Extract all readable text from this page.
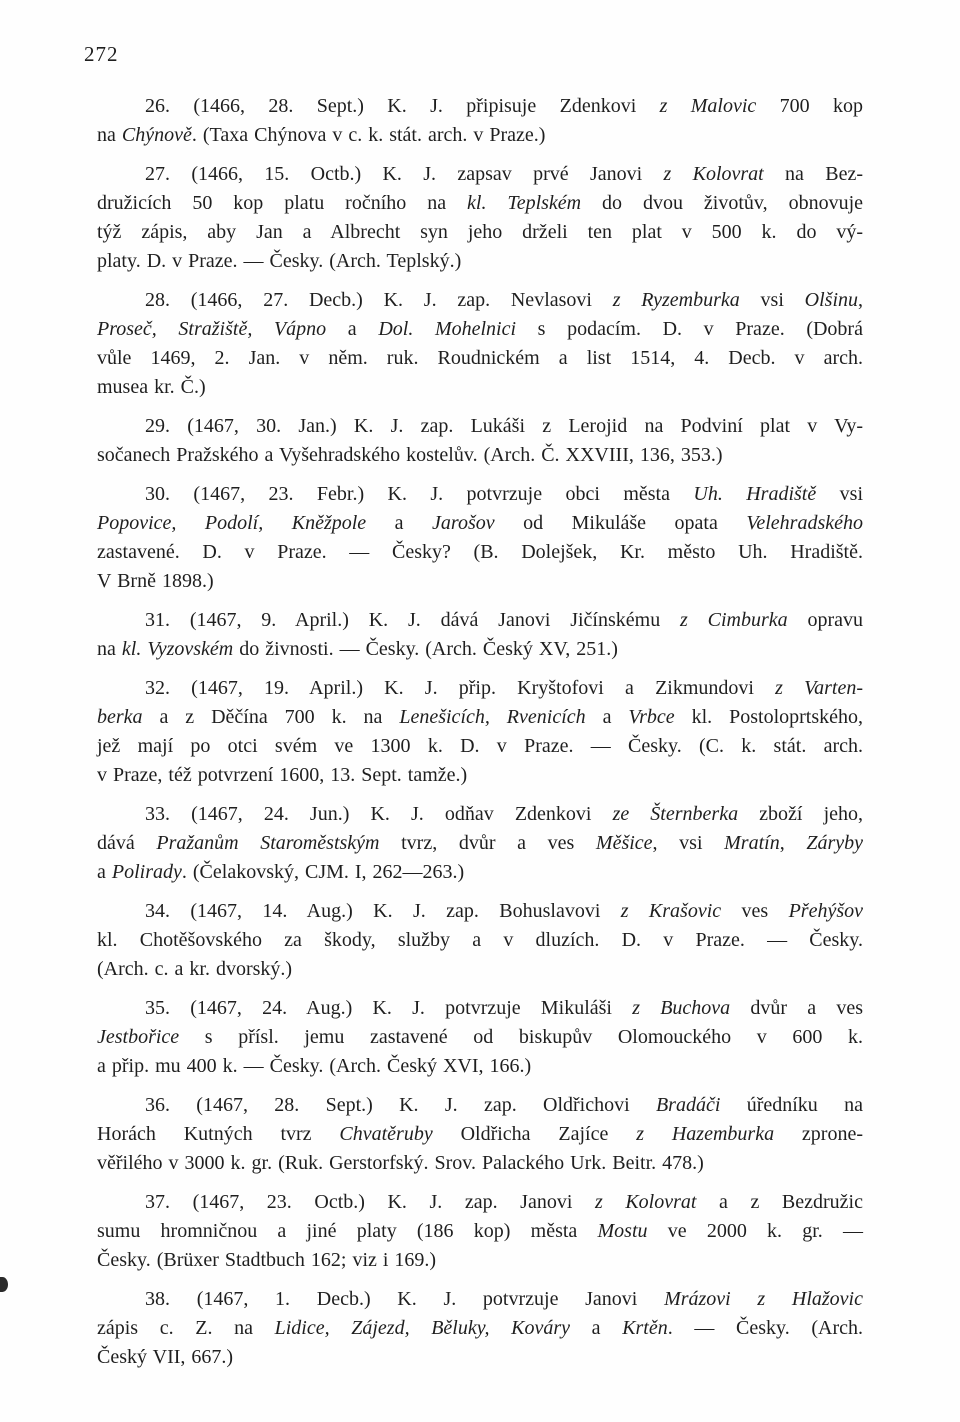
272

26. (1466, 28. Sept.) K. J. připisuje Zdenkovi z Malovic 700 kop
na Chýnově. (Taxa Chýnova v c. k. stát. arch. v Praze.)

27. (1466, 15. Octb.) K. J. zapsav prvé Janovi z Kolovrat na Bez-
družicích 50 kop platu ročního na kl. Teplském do dvou životův, obnovuje
týž zápis, aby Jan a Albrecht syn jeho drželi ten plat v 500 k. do vý-
platy. D. v Praze. — Česky. (Arch. Teplský.)

28. (1466, 27. Decb.) K. J. zap. Nevlasovi z Ryzemburka vsi Olšinu,
Proseč, Stražiště, Vápno a Dol. Mohelnici s podacím. D. v Praze. (Dobrá
vůle 1469, 2. Jan. v něm. ruk. Roudnickém a list 1514, 4. Decb. v arch.
musea kr. Č.)

29. (1467, 30. Jan.) K. J. zap. Lukáši z Lerojid na Podviní plat v Vy-
sočanech Pražského a Vyšehradského kostelův. (Arch. Č. XXVIII, 136, 353.)

30. (1467, 23. Febr.) K. J. potvrzuje obci města Uh. Hradiště vsi
Popovice, Podolí, Kněžpole a Jarošov od Mikuláše opata Velehradského
zastavené. D. v Praze. — Česky? (B. Dolejšek, Kr. město Uh. Hradiště.
V Brně 1898.)

31. (1467, 9. April.) K. J. dává Janovi Jičínskému z Cimburka opravu
na kl. Vyzovském do živnosti. — Česky. (Arch. Český XV, 251.)

32. (1467, 19. April.) K. J. přip. Kryštofovi a Zikmundovi z Varten-
berka a z Děčína 700 k. na Lenešicích, Rvenicích a Vrbce kl. Postoloprtského,
jež mají po otci svém ve 1300 k. D. v Praze. — Česky. (C. k. stát. arch.
v Praze, též potvrzení 1600, 13. Sept. tamže.)

33. (1467, 24. Jun.) K. J. odňav Zdenkovi ze Šternberka zboží jeho,
dává Pražanům Staroměstským tvrz, dvůr a ves Měšice, vsi Mratín, Záryby
a Polirady. (Čelakovský, CJM. I, 262—263.)

34. (1467, 14. Aug.) K. J. zap. Bohuslavovi z Krašovic ves Přehýšov
kl. Chotěšovského za škody, služby a v dluzích. D. v Praze. — Česky.
(Arch. c. a kr. dvorský.)

35. (1467, 24. Aug.) K. J. potvrzuje Mikuláši z Buchova dvůr a ves
Jestbořice s přísl. jemu zastavené od biskupův Olomouckého v 600 k.
a přip. mu 400 k. — Česky. (Arch. Český XVI, 166.)

36. (1467, 28. Sept.) K. J. zap. Oldřichovi Bradáči úředníku na
Horách Kutných tvrz Chvatěruby Oldřicha Zajíce z Hazemburka zprone-
věřilého v 3000 k. gr. (Ruk. Gerstorfský. Srov. Palackého Urk. Beitr. 478.)

37. (1467, 23. Octb.) K. J. zap. Janovi z Kolovrat a z Bezdružic
sumu hromničnou a jiné platy (186 kop) města Mostu ve 2000 k. gr. —
Česky. (Brüxer Stadtbuch 162; viz i 169.)

38. (1467, 1. Decb.) K. J. potvrzuje Janovi Mrázovi z Hlažovic
zápis c. Z. na Lidice, Zájezd, Běluky, Kováry a Krtěn. — Česky. (Arch.
Český VII, 667.)
